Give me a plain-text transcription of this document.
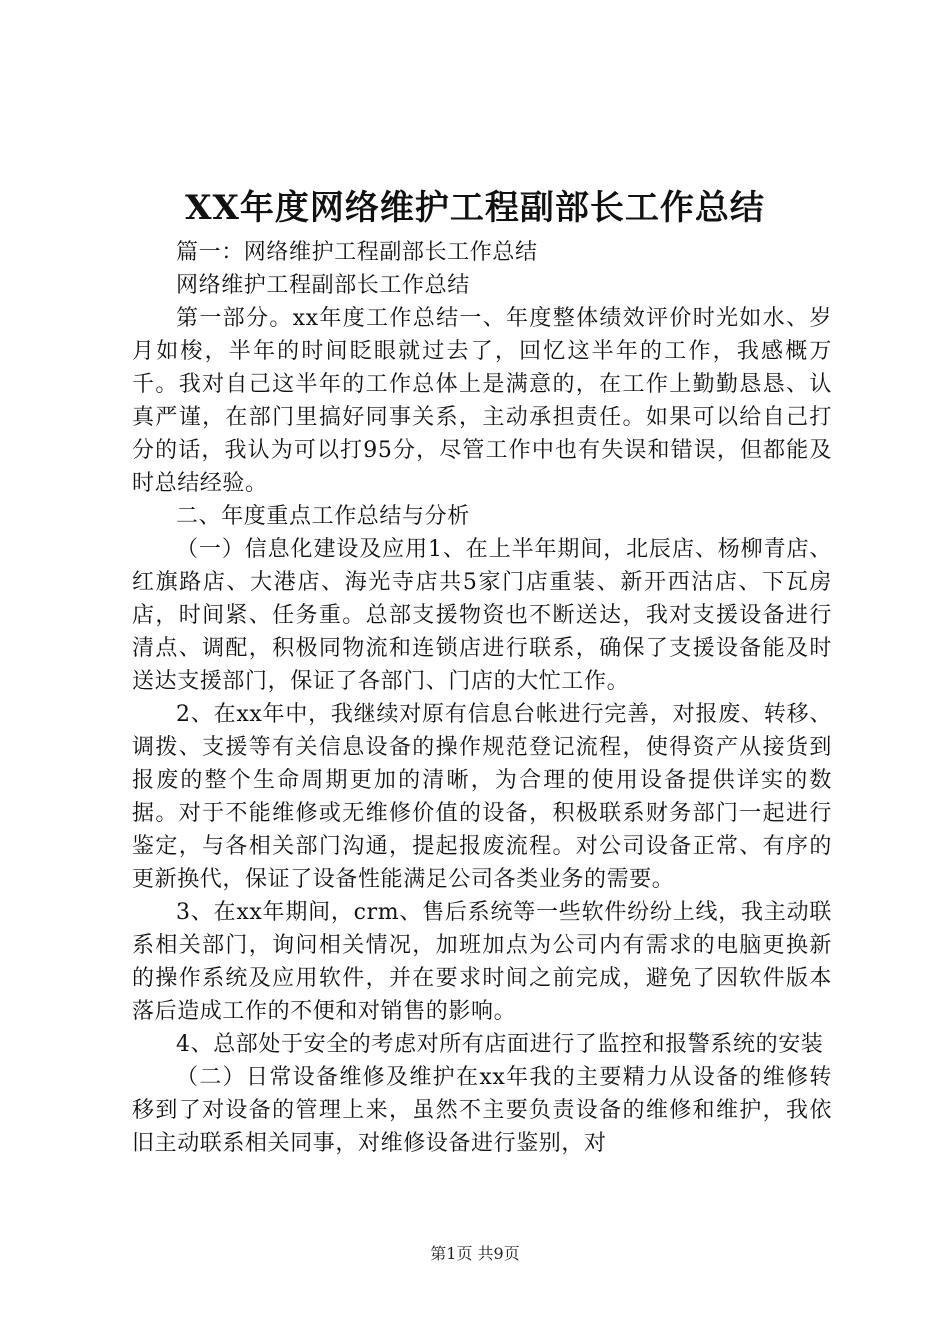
XX年度网络维护工程副部长工作总结

篇一：网络维护工程副部长工作总结

网络维护工程副部长工作总结

第一部分。xx年度工作总结一、年度整体绩效评价时光如水、岁月如梭，半年的时间眨眼就过去了，回忆这半年的工作，我感概万千。我对自己这半年的工作总体上是满意的，在工作上勤勤恳恳、认真严谨，在部门里搞好同事关系，主动承担责任。如果可以给自己打分的话，我认为可以打95分，尽管工作中也有失误和错误，但都能及时总结经验。

二、年度重点工作总结与分析

（一）信息化建设及应用1、在上半年期间，北辰店、杨柳青店、红旗路店、大港店、海光寺店共5家门店重装、新开西沽店、下瓦房店，时间紧、任务重。总部支援物资也不断送达，我对支援设备进行清点、调配，积极同物流和连锁店进行联系，确保了支援设备能及时送达支援部门，保证了各部门、门店的大忙工作。

2、在xx年中，我继续对原有信息台帐进行完善，对报废、转移、调拨、支援等有关信息设备的操作规范登记流程，使得资产从接货到报废的整个生命周期更加的清晰，为合理的使用设备提供详实的数据。对于不能维修或无维修价值的设备，积极联系财务部门一起进行鉴定，与各相关部门沟通，提起报废流程。对公司设备正常、有序的更新换代，保证了设备性能满足公司各类业务的需要。

3、在xx年期间，crm、售后系统等一些软件纷纷上线，我主动联系相关部门，询问相关情况，加班加点为公司内有需求的电脑更换新的操作系统及应用软件，并在要求时间之前完成，避免了因软件版本落后造成工作的不便和对销售的影响。

4、总部处于安全的考虑对所有店面进行了监控和报警系统的安装

（二）日常设备维修及维护在xx年我的主要精力从设备的维修转移到了对设备的管理上来，虽然不主要负责设备的维修和维护，我依旧主动联系相关同事，对维修设备进行鉴别，对

第1页 共9页
